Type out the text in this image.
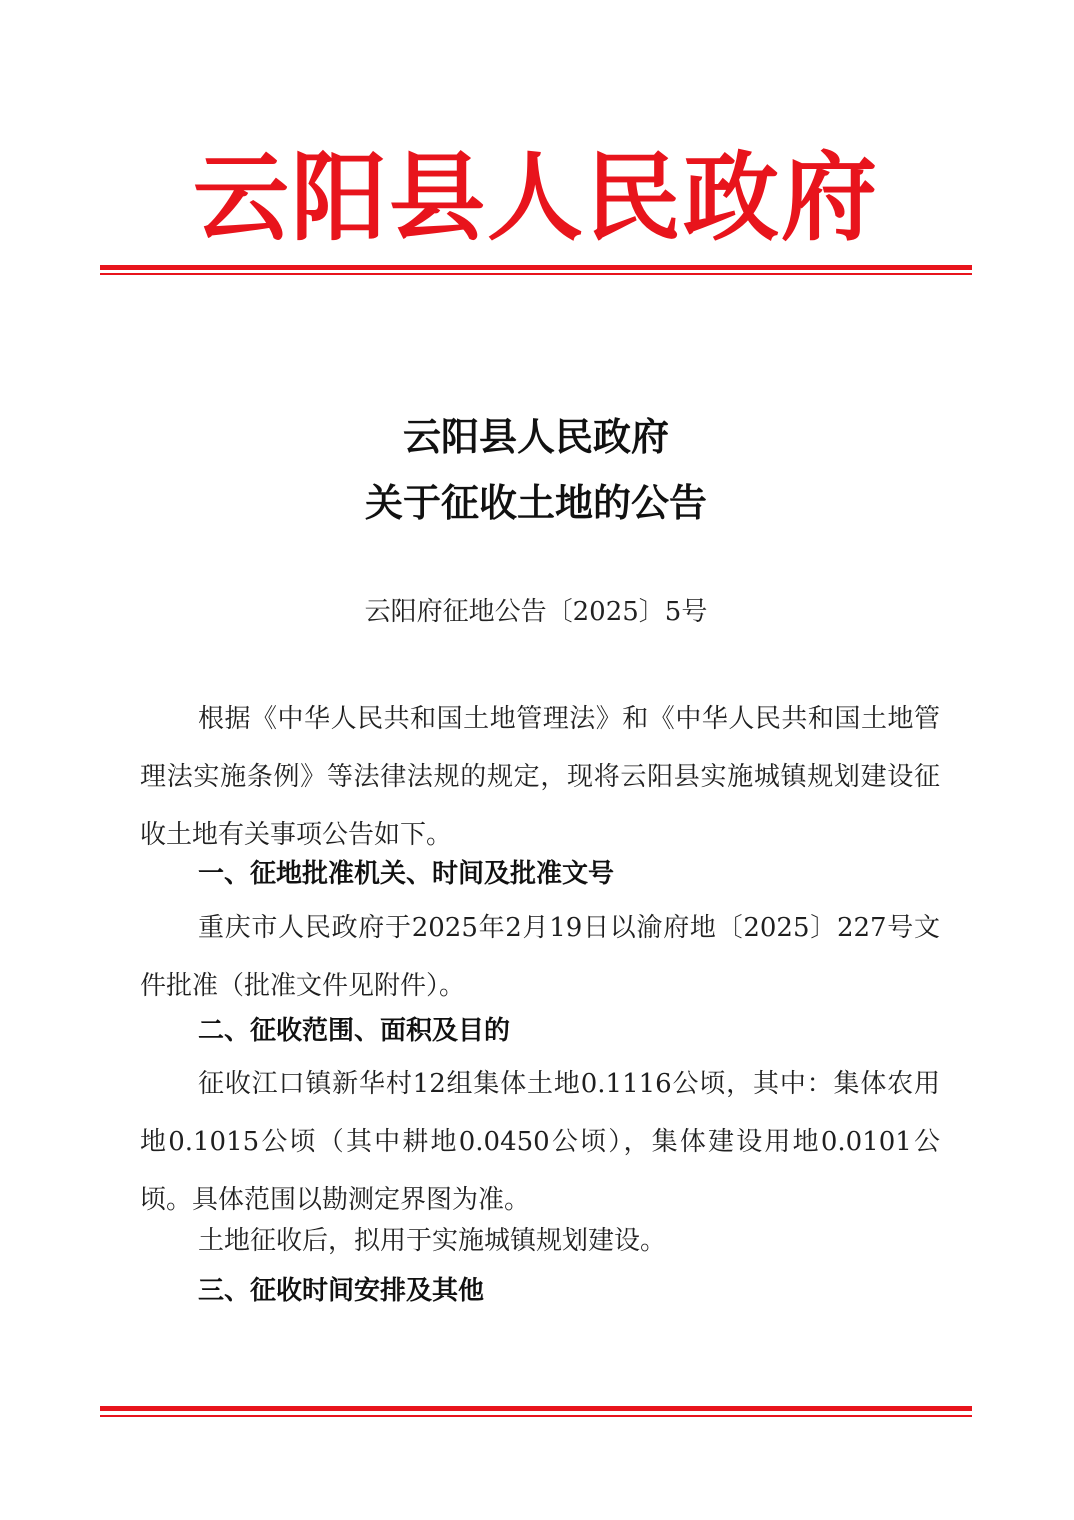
云阳县人民政府
云阳县人民政府
关于征收土地的公告
云阳府征地公告〔2025〕5号

根据《中华人民共和国土地管理法》和《中华人民共和国土地管理法实施条例》等法律法规的规定，现将云阳县实施城镇规划建设征收土地有关事项公告如下。

一、征地批准机关、时间及批准文号

重庆市人民政府于2025年2月19日以渝府地〔2025〕227号文件批准（批准文件见附件）。

二、征收范围、面积及目的

征收江口镇新华村12组集体土地0.1116公顷，其中：集体农用地0.1015公顷（其中耕地0.0450公顷），集体建设用地0.0101公顷。具体范围以勘测定界图为准。

土地征收后，拟用于实施城镇规划建设。

三、征收时间安排及其他
